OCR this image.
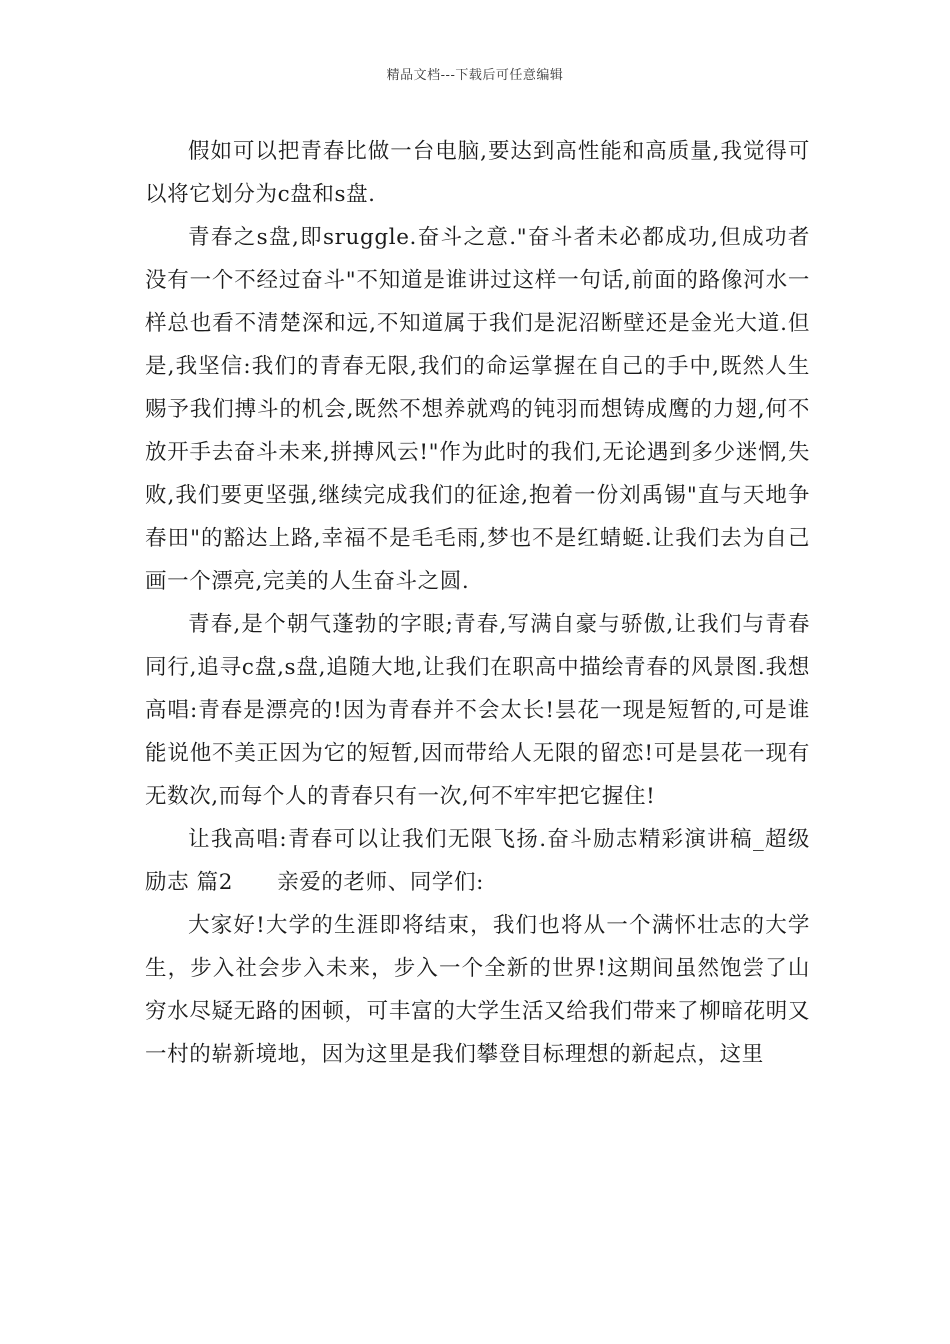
精品文档---下载后可任意编辑

假如可以把青春比做一台电脑,要达到高性能和高质量,我觉得可以将它划分为c盘和s盘.

青春之s盘,即sruggle.奋斗之意."奋斗者未必都成功,但成功者没有一个不经过奋斗"不知道是谁讲过这样一句话,前面的路像河水一样总也看不清楚深和远,不知道属于我们是泥沼断壁还是金光大道.但是,我坚信:我们的青春无限,我们的命运掌握在自己的手中,既然人生赐予我们搏斗的机会,既然不想养就鸡的钝羽而想铸成鹰的力翅,何不放开手去奋斗未来,拼搏风云!"作为此时的我们,无论遇到多少迷惘,失败,我们要更坚强,继续完成我们的征途,抱着一份刘禹锡"直与天地争春田"的豁达上路,幸福不是毛毛雨,梦也不是红蜻蜓.让我们去为自己画一个漂亮,完美的人生奋斗之圆.

青春,是个朝气蓬勃的字眼;青春,写满自豪与骄傲,让我们与青春同行,追寻c盘,s盘,追随大地,让我们在职高中描绘青春的风景图.我想高唱:青春是漂亮的!因为青春并不会太长!昙花一现是短暂的,可是谁能说他不美正因为它的短暂,因而带给人无限的留恋!可是昙花一现有无数次,而每个人的青春只有一次,何不牢牢把它握住!

让我高唱:青春可以让我们无限飞扬.奋斗励志精彩演讲稿_超级励志 篇2　　亲爱的老师、同学们:

大家好!大学的生涯即将结束，我们也将从一个满怀壮志的大学生，步入社会步入未来，步入一个全新的世界!这期间虽然饱尝了山穷水尽疑无路的困顿，可丰富的大学生活又给我们带来了柳暗花明又一村的崭新境地，因为这里是我们攀登目标理想的新起点，这里
